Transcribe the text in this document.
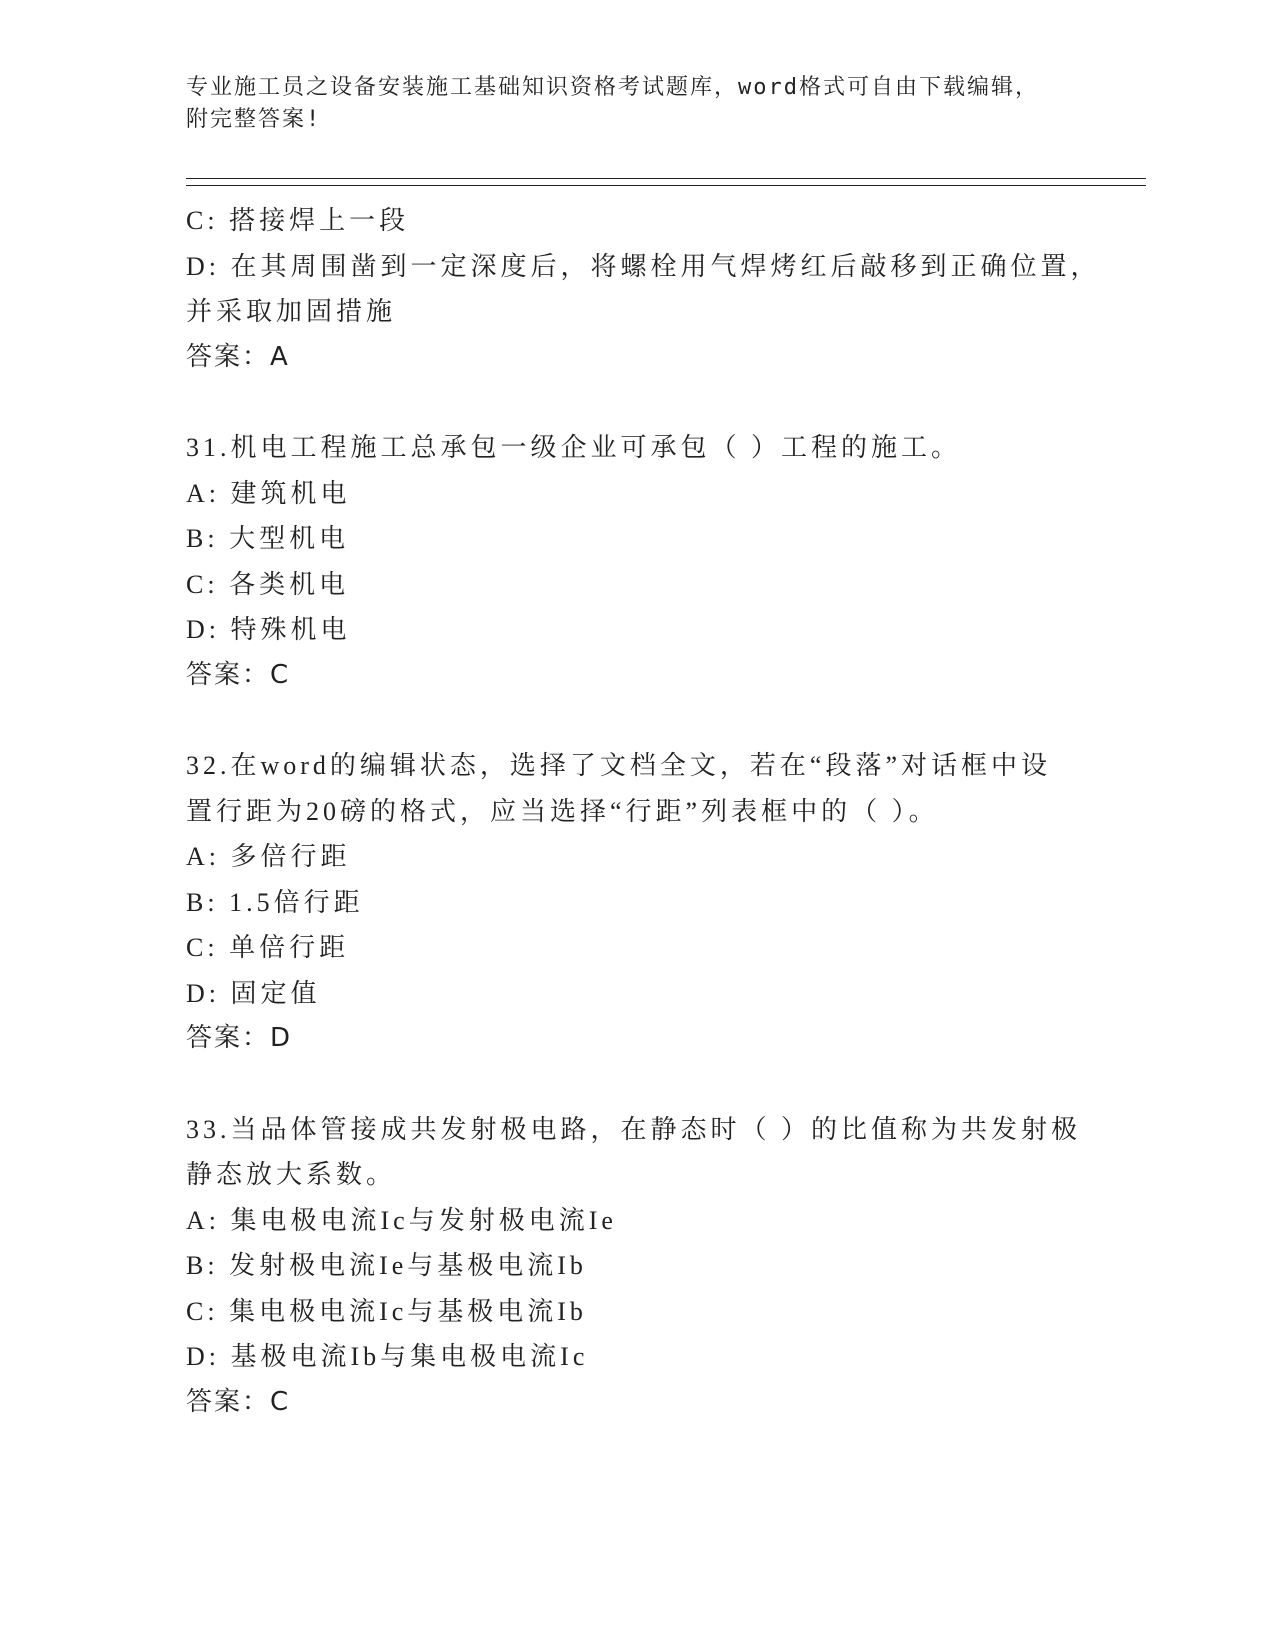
专业施工员之设备安装施工基础知识资格考试题库，word格式可自由下载编辑，

附完整答案!

C: 搭接焊上一段

D: 在其周围凿到一定深度后，将螺栓用气焊烤红后敲移到正确位置，

并采取加固措施

答案：A

31.机电工程施工总承包一级企业可承包（ ）工程的施工。

A: 建筑机电

B: 大型机电

C: 各类机电

D: 特殊机电

答案：C

32.在word的编辑状态，选择了文档全文，若在“段落”对话框中设

置行距为20磅的格式，应当选择“行距”列表框中的（ ）。

A: 多倍行距

B: 1.5倍行距

C: 单倍行距

D: 固定值

答案：D

33.当品体管接成共发射极电路，在静态时（ ）的比值称为共发射极

静态放大系数。

A: 集电极电流Ic与发射极电流Ie

B: 发射极电流Ie与基极电流Ib

C: 集电极电流Ic与基极电流Ib

D: 基极电流Ib与集电极电流Ic

答案：C
